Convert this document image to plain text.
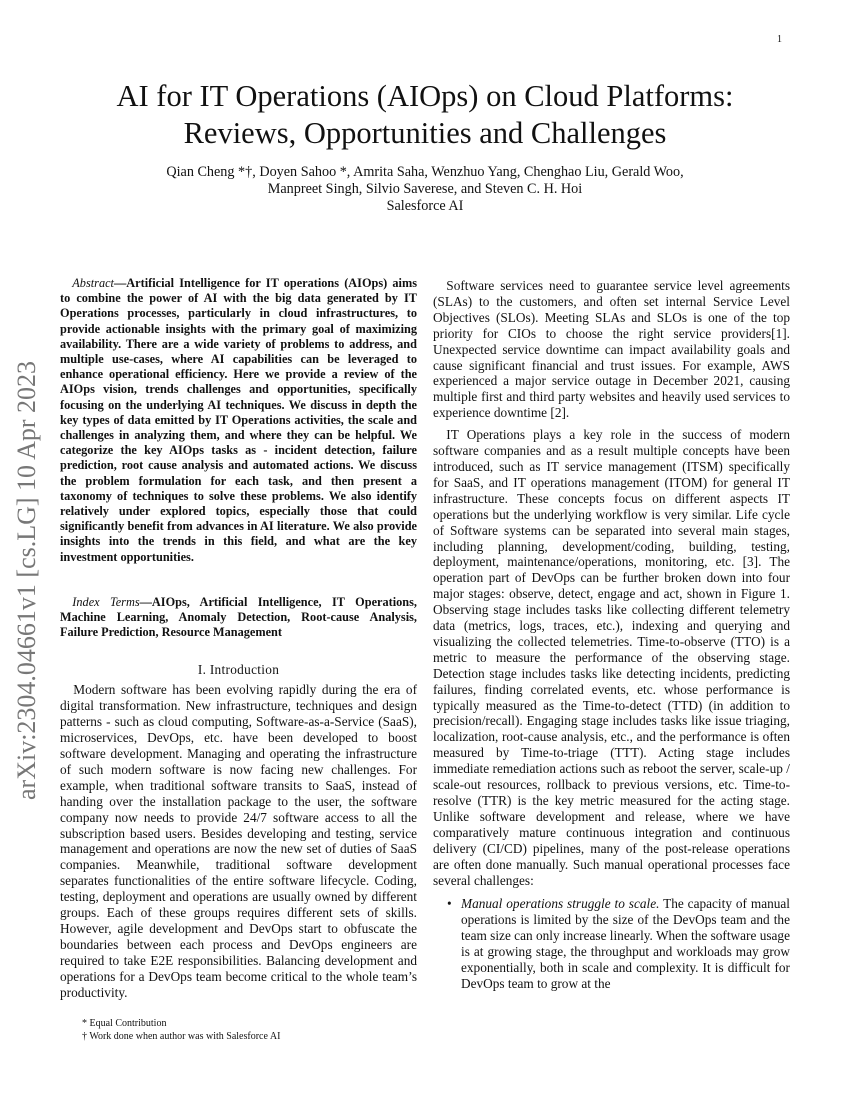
1
arXiv:2304.04661v1 [cs.LG] 10 Apr 2023
AI for IT Operations (AIOps) on Cloud Platforms:
Reviews, Opportunities and Challenges
Qian Cheng *†, Doyen Sahoo *, Amrita Saha, Wenzhuo Yang, Chenghao Liu, Gerald Woo,
Manpreet Singh, Silvio Saverese, and Steven C. H. Hoi
Salesforce AI

Abstract—Artificial Intelligence for IT operations (AIOps) aims to combine the power of AI with the big data generated by IT Operations processes, particularly in cloud infrastructures, to provide actionable insights with the primary goal of maximizing availability. There are a wide variety of problems to address, and multiple use-cases, where AI capabilities can be leveraged to enhance operational efficiency. Here we provide a review of the AIOps vision, trends challenges and opportunities, specifically focusing on the underlying AI techniques. We discuss in depth the key types of data emitted by IT Operations activities, the scale and challenges in analyzing them, and where they can be helpful. We categorize the key AIOps tasks as - incident detection, failure prediction, root cause analysis and automated actions. We discuss the problem formulation for each task, and then present a taxonomy of techniques to solve these problems. We also identify relatively under explored topics, especially those that could significantly benefit from advances in AI literature. We also provide insights into the trends in this field, and what are the key investment opportunities.

Index Terms—AIOps, Artificial Intelligence, IT Operations, Machine Learning, Anomaly Detection, Root-cause Analysis, Failure Prediction, Resource Management

I. Introduction

Modern software has been evolving rapidly during the era of digital transformation. New infrastructure, techniques and design patterns - such as cloud computing, Software-as-a-Service (SaaS), microservices, DevOps, etc. have been developed to boost software development. Managing and operating the infrastructure of such modern software is now facing new challenges. For example, when traditional software transits to SaaS, instead of handing over the installation package to the user, the software company now needs to provide 24/7 software access to all the subscription based users. Besides developing and testing, service management and operations are now the new set of duties of SaaS companies. Meanwhile, traditional software development separates functionalities of the entire software lifecycle. Coding, testing, deployment and operations are usually owned by different groups. Each of these groups requires different sets of skills. However, agile development and DevOps start to obfuscate the boundaries between each process and DevOps engineers are required to take E2E responsibilities. Balancing development and operations for a DevOps team become critical to the whole team’s productivity.

* Equal Contribution
† Work done when author was with Salesforce AI

Software services need to guarantee service level agreements (SLAs) to the customers, and often set internal Service Level Objectives (SLOs). Meeting SLAs and SLOs is one of the top priority for CIOs to choose the right service providers[1]. Unexpected service downtime can impact availability goals and cause significant financial and trust issues. For example, AWS experienced a major service outage in December 2021, causing multiple first and third party websites and heavily used services to experience downtime [2].

IT Operations plays a key role in the success of modern software companies and as a result multiple concepts have been introduced, such as IT service management (ITSM) specifically for SaaS, and IT operations management (ITOM) for general IT infrastructure. These concepts focus on different aspects IT operations but the underlying workflow is very similar. Life cycle of Software systems can be separated into several main stages, including planning, development/coding, building, testing, deployment, maintenance/operations, monitoring, etc. [3]. The operation part of DevOps can be further broken down into four major stages: observe, detect, engage and act, shown in Figure 1. Observing stage includes tasks like collecting different telemetry data (metrics, logs, traces, etc.), indexing and querying and visualizing the collected telemetries. Time-to-observe (TTO) is a metric to measure the performance of the observing stage. Detection stage includes tasks like detecting incidents, predicting failures, finding correlated events, etc. whose performance is typically measured as the Time-to-detect (TTD) (in addition to precision/recall). Engaging stage includes tasks like issue triaging, localization, root-cause analysis, etc., and the performance is often measured by Time-to-triage (TTT). Acting stage includes immediate remediation actions such as reboot the server, scale-up / scale-out resources, rollback to previous versions, etc. Time-to-resolve (TTR) is the key metric measured for the acting stage. Unlike software development and release, where we have comparatively mature continuous integration and continuous delivery (CI/CD) pipelines, many of the post-release operations are often done manually. Such manual operational processes face several challenges:

• Manual operations struggle to scale. The capacity of manual operations is limited by the size of the DevOps team and the team size can only increase linearly. When the software usage is at growing stage, the throughput and workloads may grow exponentially, both in scale and complexity. It is difficult for DevOps team to grow at the
